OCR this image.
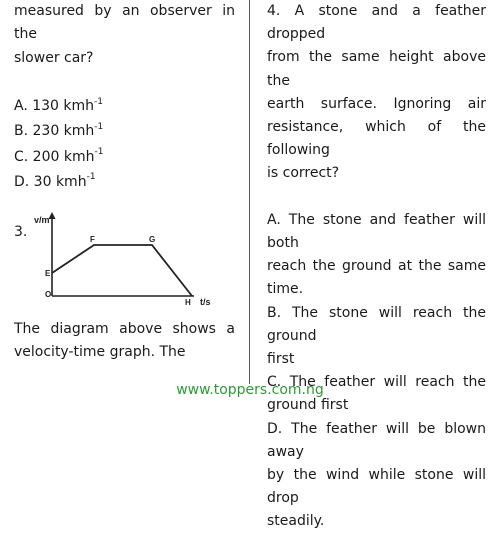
measured by an observer in the
slower car?
A. 130 kmh$^{-1}$
B. 230 kmh$^{-1}$
C. 200 kmh$^{-1}$
D. 30 kmh$^{-1}$
3.
v/m
t/s
O
E
F	G
H
The diagram above shows a
velocity-time graph. The
4. A stone and a feather dropped
from the same height above the
earth surface. Ignoring air
resistance, which of the following
is correct?
A. The stone and feather will both
reach the ground at the same
time.
B. The stone will reach the ground
first
C. The feather will reach the
ground first
D. The feather will be blown away
by the wind while stone will drop
steadily.
www.toppers.com.ng
